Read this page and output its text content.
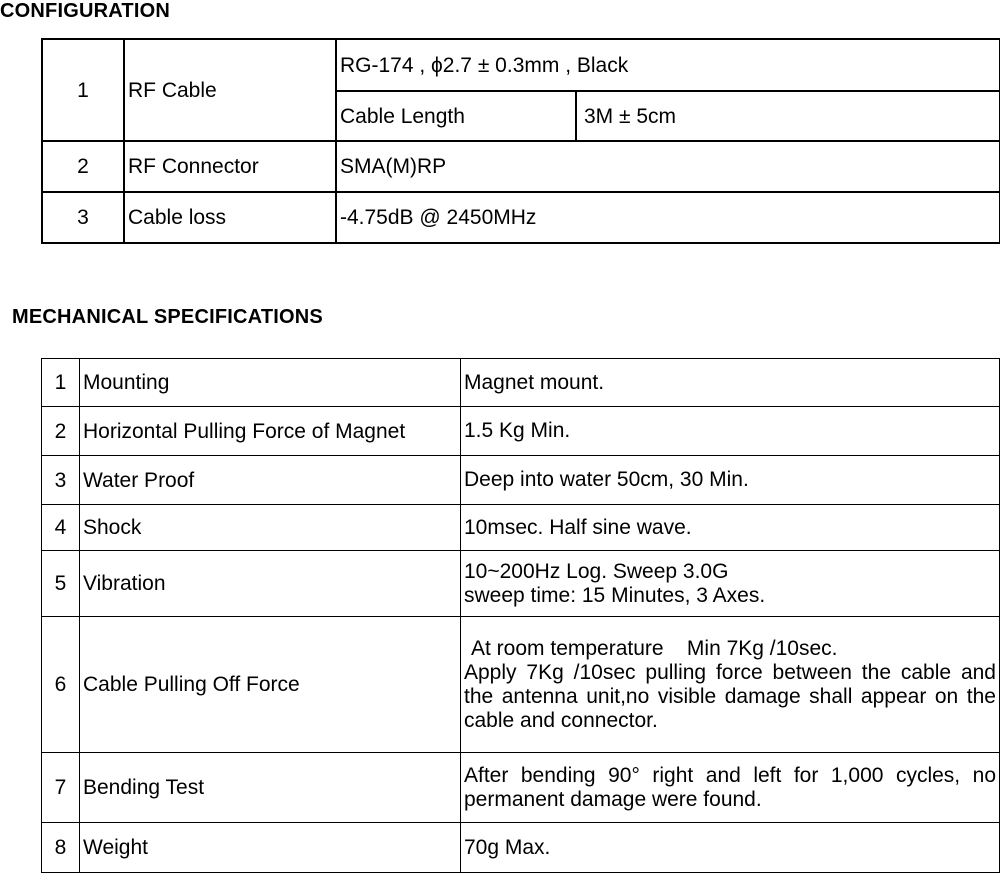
CONFIGURATION
1	RF Cable	RG-174 , ϕ2.7 ± 0.3mm , Black	
		Cable Length	3M ± 5cm
2	RF Connector	SMA(M)RP	
3	Cable loss	-4.75dB @ 2450MHz	
MECHANICAL SPECIFICATIONS
1	Mounting	Magnet mount.
2	Horizontal Pulling Force of Magnet	1.5 Kg Min.
3	Water Proof	Deep into water 50cm, 30 Min.
4	Shock	10msec. Half sine wave.
5	Vibration	10~200Hz Log. Sweep 3.0G
sweep time: 15 Minutes, 3 Axes.

6	Cable Pulling Off Force	At room temperature    Min 7Kg /10sec.
Apply 7Kg /10sec pulling force between the cable and the antenna unit,no visible damage shall appear on the cable and connector.

7	Bending Test	After bending 90° right and left for 1,000 cycles, no permanent damage were found.
8	Weight	70g Max.
